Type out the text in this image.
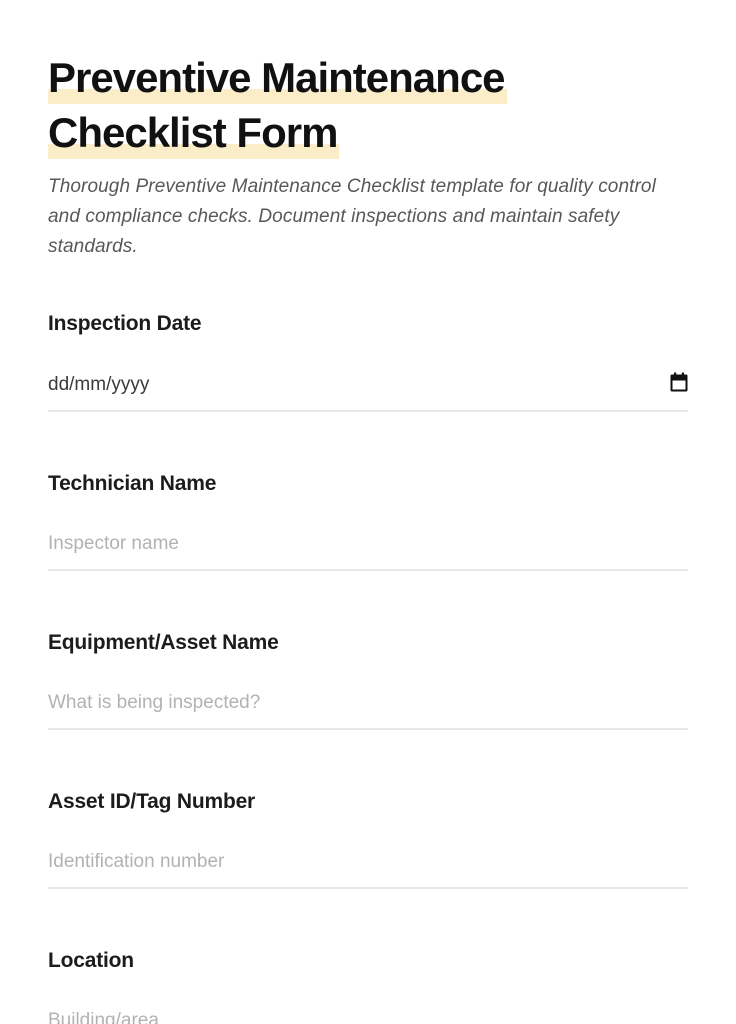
Preventive Maintenance
Checklist Form

Thorough Preventive Maintenance Checklist template for quality control and compliance checks. Document inspections and maintain safety standards.

Inspection Date
dd/mm/yyyy
Technician Name
Inspector name
Equipment/Asset Name
What is being inspected?
Asset ID/Tag Number
Identification number
Location
Building/area
